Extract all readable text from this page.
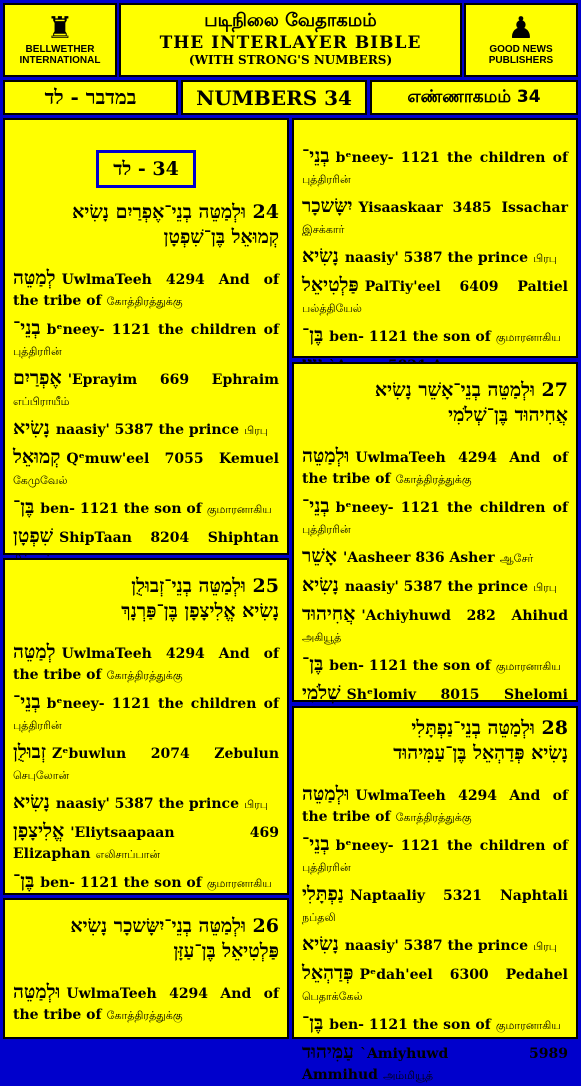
♜
BELLWETHER INTERNATIONAL
படிநிலை வேதாகமம்
THE INTERLAYER BIBLE
(WITH STRONG'S NUMBERS)
♟
GOOD NEWS PUBLISHERS
במדבר - לד	NUMBERS 34	எண்ணாகமம் 34
34 - לד
24 וּלְמַטֵּה בְנֵי־אֶפְרַיִם נָשִׂיא
קְמוּאֵל בֶּן־שִׁפְטָן
לְמַטֵּה UwlmaTeeh 4294 And of the tribe of கோத்திரத்துக்கு
בְנֵי־ bᵉneey- 1121 the children of புத்திரரின்
אֶפְרַיִם 'Eprayim 669 Ephraim எப்பிராயீம்
נָשִׂיא naasiy' 5387 the prince பிரபு
קְמוּאֵל Qᵉmuw'eel 7055 Kemuel கேமுவேல்
בֶּן־ ben- 1121 the son of குமாரனாகிய
שִׁפְטָן ShipTaan 8204 Shiphtan
25 וּלְמַטֵּה בְנֵי־זְבוּלֻן
נָשִׂיא אֱלִיצָפָן בֶּן־פַּרְנָךְ
לְמַטֵּה UwlmaTeeh 4294 And of the tribe of கோத்திரத்துக்கு
בְנֵי־ bᵉneey- 1121 the children of புத்திரரின்
זְבוּלֻן Zᵉbuwlun 2074 Zebulun செபுலோன்
נָשִׂיא naasiy' 5387 the prince பிரபு
אֱלִיצָפָן 'Eliytsaapaan 469 Elizaphan எலிசாப்பான்
בֶּן־ ben- 1121 the son of குமாரனாகிய
26 וּלְמַטֵּה בְנֵי־יִשָּׂשכָר נָשִׂיא
פַּלְטִיאֵל בֶּן־עַזָּן
וּלְמַטֵּה UwlmaTeeh 4294 And of the tribe of கோத்திரத்துக்கு
בְנֵי־ bᵉneey- 1121 the children of புத்திரரின்
יִשָּׂשכָר Yisaaskaar 3485 Issachar இசக்கார்
נָשִׂיא naasiy' 5387 the prince பிரபு
פַּלְטִיאֵל PalTiy'eel 6409 Paltiel பல்த்தியேல்
בֶּן־ ben- 1121 the son of குமாரனாகிய
27 וּלְמַטֵּה בְנֵי־אָשֵׁר נָשִׂיא
אֲחִיהוּד בֶּן־שְׁלֹמִי
וּלְמַטֵּה UwlmaTeeh 4294 And of the tribe of கோத்திரத்துக்கு
בְנֵי־ bᵉneey- 1121 the children of புத்திரரின்
אָשֵׁר 'Aasheer 836 Asher ஆசேர்
נָשִׂיא naasiy' 5387 the prince பிரபு
אֲחִיהוּד 'Achiyhuwd 282 Ahihud அகியூத்
בֶּן־ ben- 1121 the son of குமாரனாகிய
שְׁלֹמִי Shᵉlomiy 8015 Shelomi
28 וּלְמַטֵּה בְנֵי־נַפְתָּלִי
נָשִׂיא פְּדַהְאֵל בֶּן־עַמִּיהוּד
וּלְמַטֵּה UwlmaTeeh 4294 And of the tribe of கோத்திரத்துக்கு
בְנֵי־ bᵉneey- 1121 the children of புத்திரரின்
נַפְתָּלִי Naptaaliy 5321 Naphtali நப்தலி
נָשִׂיא naasiy' 5387 the prince பிரபு
פְּדַהְאֵל Pᵉdah'eel 6300 Pedahel பெதாக்கேல்
בֶּן־ ben- 1121 the son of குமாரனாகிய
עַמִּיהוּד `Amiyhuwd 5989 Ammihud அம்மியூத்
